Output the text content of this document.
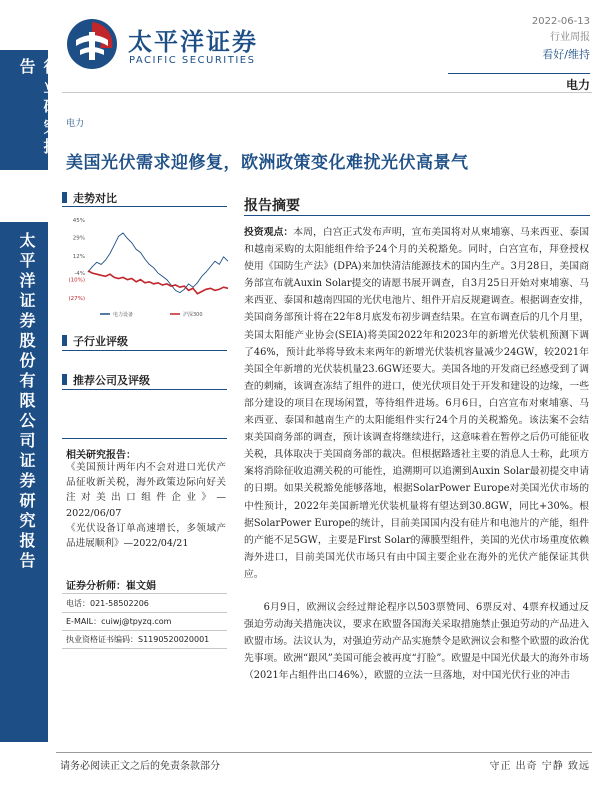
行业研究报告
太平洋证券股份有限公司证券研究报告
太平洋证券
PACIFIC SECURITIES
2022-06-13
行业周报
看好/维持
电力
电力
美国光伏需求迎修复，欧洲政策变化难扰光伏高景气
走势对比
45%
29%
12%
-4%
(10%)
(27%)
电力设备	沪深300
子行业评级
推荐公司及评级
相关研究报告：

《美国预计两年内不会对进口光伏产品征收新关税，海外政策边际向好关注对美出口组件企业》—2022/06/07

《光伏设备订单高速增长，多领域产品进展顺利》—2022/04/21

证券分析师：崔文娟
电话：021-58502206
E-MAIL：cuiwj@tpyzq.com
执业资格证书编码：S1190520020001
报告摘要

投资观点：本周，白宫正式发布声明，宣布美国将对从柬埔寨、马来西亚、泰国和越南采购的太阳能组件给予24个月的关税豁免。同时，白宫宣布，拜登授权使用《国防生产法》(DPA)来加快清洁能源技术的国内生产。3月28日，美国商务部宣布就Auxin Solar提交的请愿书展开调查，自3月25日开始对柬埔寨、马来西亚、泰国和越南四国的光伏电池片、组件开启反规避调查。根据调查安排，美国商务部预计将在22年8月底发布初步调查结果。在宣布调查后的几个月里，美国太阳能产业协会(SEIA)将美国2022年和2023年的新增光伏装机预测下调了46%，预计此举将导致未来两年的新增光伏装机容量减少24GW，较2021年美国全年新增的光伏装机量23.6GW还要大。美国各地的开发商已经感受到了调查的刺痛，该调查冻结了组件的进口，使光伏项目处于开发和建设的边缘，一些部分建设的项目在现场闲置，等待组件进场。6月6日，白宫宣布对柬埔寨、马来西亚、泰国和越南生产的太阳能组件实行24个月的关税豁免。该法案不会结束美国商务部的调查，预计该调查将继续进行，这意味着在暂停之后仍可能征收关税，具体取决于美国商务部的裁决。但根据路透社主要的消息人士称，此项方案将消除征收追溯关税的可能性，追溯期可以追溯到Auxin Solar最初提交申请的日期。如果关税豁免能够落地，根据SolarPower Europe对美国光伏市场的中性预计，2022年美国新增光伏装机量将有望达到30.8GW，同比+30%。根据SolarPower Europe的统计，目前美国国内没有硅片和电池片的产能，组件的产能不足5GW，主要是First Solar的薄膜型组件，美国的光伏市场重度依赖海外进口，目前美国光伏市场只有由中国主要企业在海外的光伏产能保证其供应。

6月9日，欧洲议会经过辩论程序以503票赞同、6票反对、4票弃权通过反强迫劳动海关措施决议，要求在欧盟各国海关采取措施禁止强迫劳动的产品进入欧盟市场。法议认为，对强迫劳动产品实施禁令是欧洲议会和整个欧盟的政治优先事项。欧洲“跟风”美国可能会被再度“打脸”。欧盟是中国光伏最大的海外市场（2021年占组件出口46%），欧盟的立法一旦落地，对中国光伏行业的冲击

请务必阅读正文之后的免责条款部分	守正 出奇 宁静 致远
